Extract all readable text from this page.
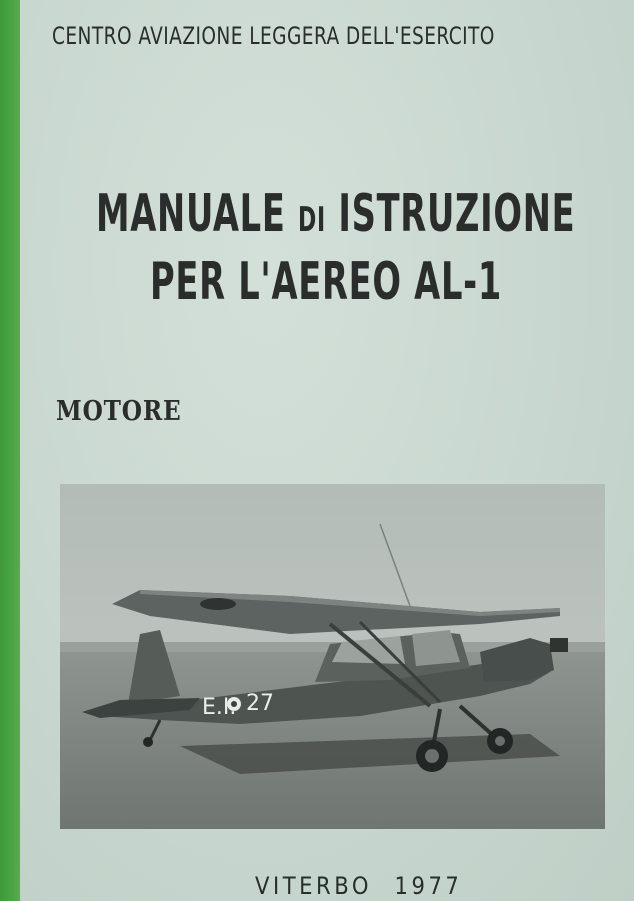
CENTRO AVIAZIONE LEGGERA DELL'ESERCITO
MANUALE DI ISTRUZIONE
PER L'AEREO AL-1
MOTORE
E.I. 27
VITERBO 1977
